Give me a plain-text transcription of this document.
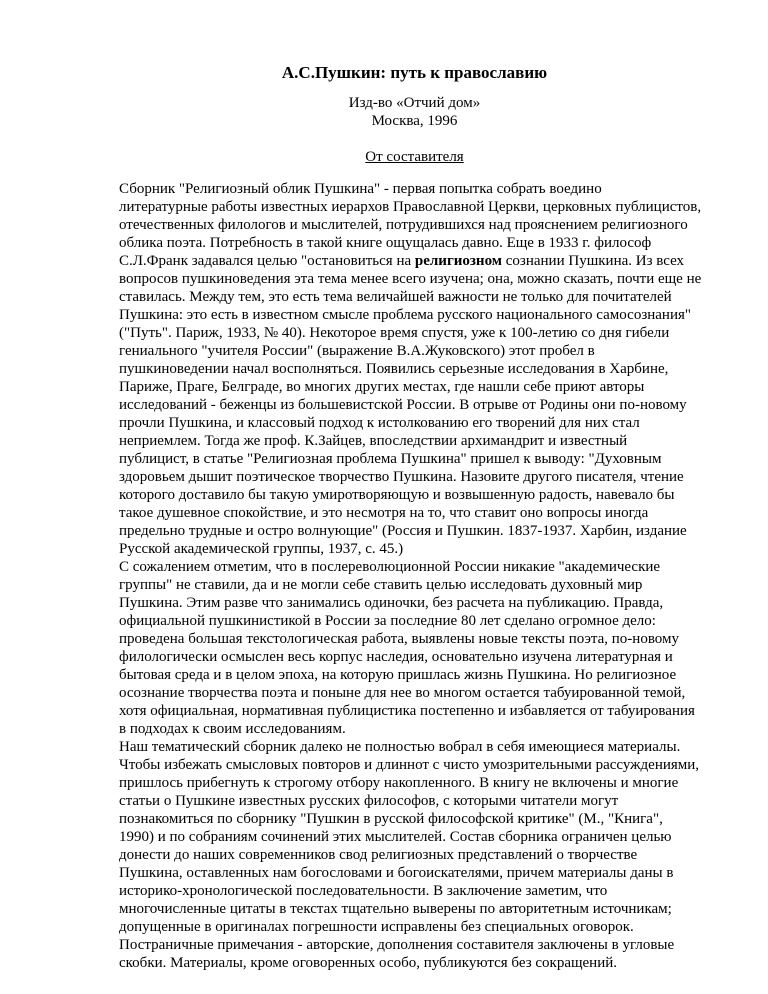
А.С.Пушкин: путь к православию
Изд-во «Отчий дом»
Москва, 1996
От составителя

Сборник "Религиозный облик Пушкина" - первая попытка собрать воедино
литературные работы известных иерархов Православной Церкви, церковных публицистов,
отечественных филологов и мыслителей, потрудившихся над прояснением религиозного
облика поэта. Потребность в такой книге ощущалась давно. Еще в 1933 г. философ
С.Л.Франк задавался целью "остановиться на религиозном сознании Пушкина. Из всех
вопросов пушкиноведения эта тема менее всего изучена; она, можно сказать, почти еще не
ставилась. Между тем, это есть тема величайшей важности не только для почитателей
Пушкина: это есть в известном смысле проблема русского национального самосознания"
("Путь". Париж, 1933, № 40). Некоторое время спустя, уже к 100-летию со дня гибели
гениального "учителя России" (выражение В.А.Жуковского) этот пробел в
пушкиноведении начал восполняться. Появились серьезные исследования в Харбине,
Париже, Праге, Белграде, во многих других местах, где нашли себе приют авторы
исследований - беженцы из большевистской России. В отрыве от Родины они по-новому
прочли Пушкина, и классовый подход к истолкованию его творений для них стал
неприемлем. Тогда же проф. К.Зайцев, впоследствии архимандрит и известный
публицист, в статье "Религиозная проблема Пушкина" пришел к выводу: "Духовным
здоровьем дышит поэтическое творчество Пушкина. Назовите другого писателя, чтение
которого доставило бы такую умиротворяющую и возвышенную радость, навевало бы
такое душевное спокойствие, и это несмотря на то, что ставит оно вопросы иногда
предельно трудные и остро волнующие" (Россия и Пушкин. 1837-1937. Харбин, издание
Русской академической группы, 1937, с. 45.)

С сожалением отметим, что в послереволюционной России никакие "академические
группы" не ставили, да и не могли себе ставить целью исследовать духовный мир
Пушкина. Этим разве что занимались одиночки, без расчета на публикацию. Правда,
официальной пушкинистикой в России за последние 80 лет сделано огромное дело:
проведена большая текстологическая работа, выявлены новые тексты поэта, по-новому
филологически осмыслен весь корпус наследия, основательно изучена литературная и
бытовая среда и в целом эпоха, на которую пришлась жизнь Пушкина. Но религиозное
осознание творчества поэта и поныне для нее во многом остается табуированной темой,
хотя официальная, нормативная публицистика постепенно и избавляется от табуирования
в подходах к своим исследованиям.

Наш тематический сборник далеко не полностью вобрал в себя имеющиеся материалы.
Чтобы избежать смысловых повторов и длиннот с чисто умозрительными рассуждениями,
пришлось прибегнуть к строгому отбору накопленного. В книгу не включены и многие
статьи о Пушкине известных русских философов, с которыми читатели могут
познакомиться по сборнику "Пушкин в русской философской критике" (М., "Книга",
1990) и по собраниям сочинений этих мыслителей. Состав сборника ограничен целью
донести до наших современников свод религиозных представлений о творчестве
Пушкина, оставленных нам богословами и богоискателями, причем материалы даны в
историко-хронологической последовательности. В заключение заметим, что
многочисленные цитаты в текстах тщательно выверены по авторитетным источникам;
допущенные в оригиналах погрешности исправлены без специальных оговорок.
Постраничные примечания - авторские, дополнения составителя заключены в угловые
скобки. Материалы, кроме оговоренных особо, публикуются без сокращений.
